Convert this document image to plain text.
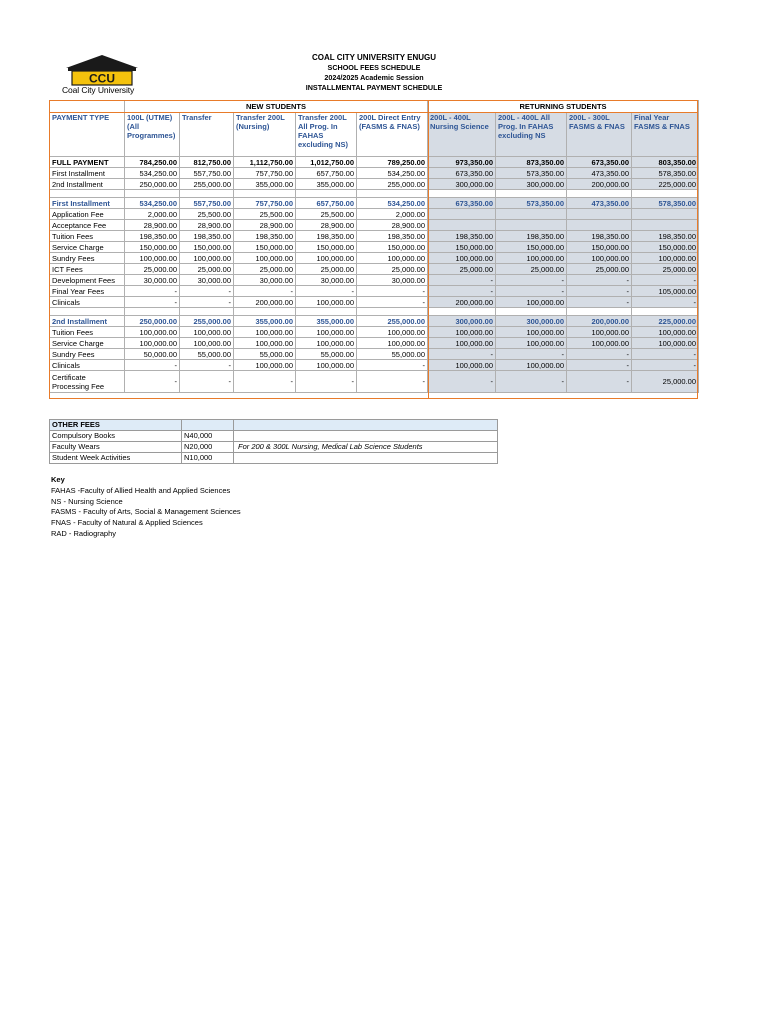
CCU
Coal City University
COAL CITY UNIVERSITY ENUGU
SCHOOL FEES SCHEDULE
2024/2025 Academic Session
INSTALLMENTAL PAYMENT SCHEDULE
	NEW STUDENTS					RETURNING STUDENTS			
PAYMENT TYPE	100L (UTME) (All Programmes)	Transfer	Transfer 200L (Nursing)	Transfer 200L All Prog. In FAHAS excluding NS)	200L Direct Entry (FASMS & FNAS)	200L - 400L Nursing Science	200L - 400L All Prog. In FAHAS excluding NS	200L - 300L FASMS & FNAS	Final Year FASMS & FNAS
FULL PAYMENT	784,250.00	812,750.00	1,112,750.00	1,012,750.00	789,250.00	973,350.00	873,350.00	673,350.00	803,350.00
First Installment	534,250.00	557,750.00	757,750.00	657,750.00	534,250.00	673,350.00	573,350.00	473,350.00	578,350.00
2nd Installment	250,000.00	255,000.00	355,000.00	355,000.00	255,000.00	300,000.00	300,000.00	200,000.00	225,000.00

First Installment	534,250.00	557,750.00	757,750.00	657,750.00	534,250.00	673,350.00	573,350.00	473,350.00	578,350.00
Application Fee	2,000.00	25,500.00	25,500.00	25,500.00	2,000.00				
Acceptance Fee	28,900.00	28,900.00	28,900.00	28,900.00	28,900.00				
Tuition Fees	198,350.00	198,350.00	198,350.00	198,350.00	198,350.00	198,350.00	198,350.00	198,350.00	198,350.00
Service Charge	150,000.00	150,000.00	150,000.00	150,000.00	150,000.00	150,000.00	150,000.00	150,000.00	150,000.00
Sundry Fees	100,000.00	100,000.00	100,000.00	100,000.00	100,000.00	100,000.00	100,000.00	100,000.00	100,000.00
ICT Fees	25,000.00	25,000.00	25,000.00	25,000.00	25,000.00	25,000.00	25,000.00	25,000.00	25,000.00
Development Fees	30,000.00	30,000.00	30,000.00	30,000.00	30,000.00	-	-	-	-
Final Year Fees	-	-	-	-	-	-	-	-	105,000.00
Clinicals	-	-	200,000.00	100,000.00	-	200,000.00	100,000.00	-	-

2nd Installment	250,000.00	255,000.00	355,000.00	355,000.00	255,000.00	300,000.00	300,000.00	200,000.00	225,000.00
Tuition Fees	100,000.00	100,000.00	100,000.00	100,000.00	100,000.00	100,000.00	100,000.00	100,000.00	100,000.00
Service Charge	100,000.00	100,000.00	100,000.00	100,000.00	100,000.00	100,000.00	100,000.00	100,000.00	100,000.00
Sundry Fees	50,000.00	55,000.00	55,000.00	55,000.00	55,000.00	-	-	-	-
Clinicals	-	-	100,000.00	100,000.00	-	100,000.00	100,000.00	-	-
Certificate Processing Fee	-	-	-	-	-	-	-	-	25,000.00
OTHER FEES		
Compulsory Books	N40,000	
Faculty Wears	N20,000	For 200 & 300L Nursing, Medical Lab Science Students
Student Week Activities	N10,000	
Key
FAHAS -Faculty of Allied Health and Applied Sciences
NS - Nursing Science
FASMS - Faculty of Arts, Social & Management Sciences
FNAS - Faculty of Natural & Applied Sciences
RAD - Radiography
